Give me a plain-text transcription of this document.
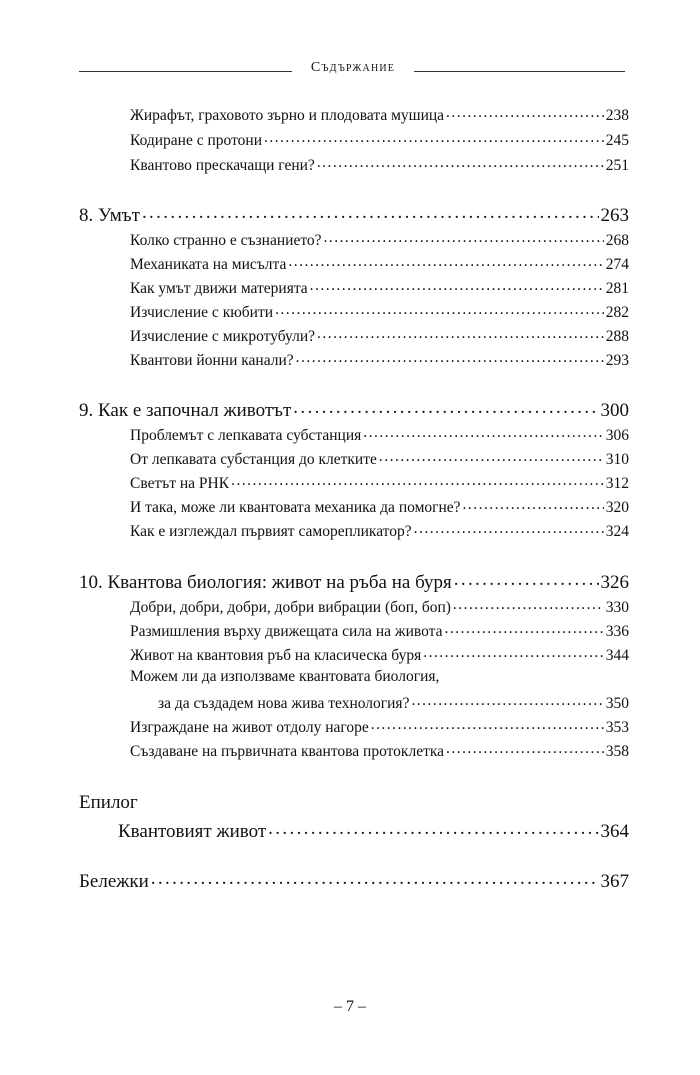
Съдържание
Жирафът, граховото зърно и плодовата мушица . . .	238
Кодиране с протони . . .	245
Квантово прескачащи гени? . . .	251
8. Умът . . .	263
Колко странно е съзнанието? . . .	268
Механиката на мисълта . . .	274
Как умът движи материята . . .	281
Изчисление с кюбити . . .	282
Изчисление с микротубули? . . .	288
Квантови йонни канали? . . .	293
9. Как е започнал животът . . .	300
Проблемът с лепкавата субстанция . . .	306
От лепкавата субстанция до клетките . . .	310
Светът на РНК . . .	312
И така, може ли квантовата механика да помогне? . . .	320
Как е изглеждал първият саморепликатор? . . .	324
10. Квантова биология: живот на ръба на буря . . .	326
Добри, добри, добри, добри вибрации (боп, боп) . . .	330
Размишления върху движещата сила на живота . . .	336
Живот на квантовия ръб на класическа буря . . .	344
Можем ли да използваме квантовата биология,
за да създадем нова жива технология? . . .	350
Изграждане на живот отдолу нагоре . . .	353
Създаване на първичната квантова протоклетка . . .	358
Епилог
Квантовият живот . . .	364
Бележки . . .	367
– 7 –
